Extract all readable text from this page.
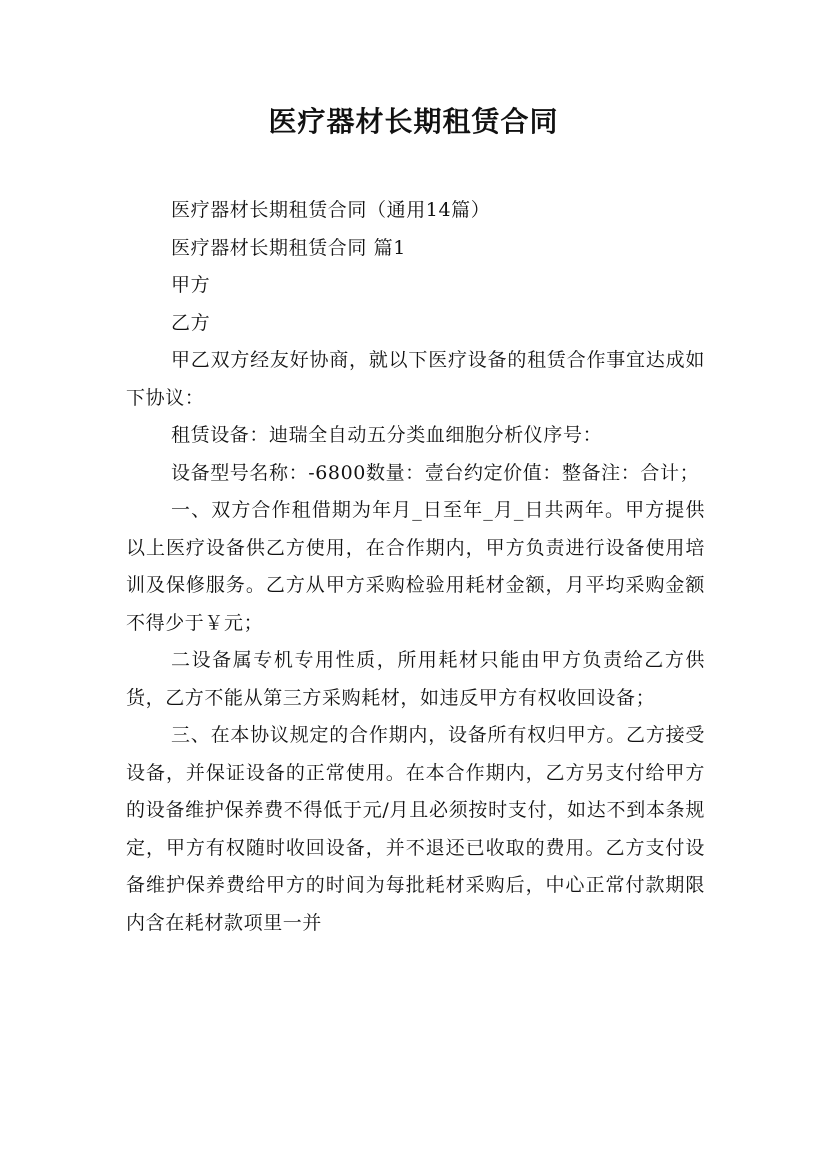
医疗器材长期租赁合同

医疗器材长期租赁合同（通用14篇）

医疗器材长期租赁合同 篇1

甲方

乙方

甲乙双方经友好协商，就以下医疗设备的租赁合作事宜达成如下协议：

租赁设备：迪瑞全自动五分类血细胞分析仪序号：

设备型号名称：-6800数量：壹台约定价值：整备注：合计；

一、双方合作租借期为年月_日至年_月_日共两年。甲方提供以上医疗设备供乙方使用，在合作期内，甲方负责进行设备使用培训及保修服务。乙方从甲方采购检验用耗材金额，月平均采购金额不得少于￥元；

二设备属专机专用性质，所用耗材只能由甲方负责给乙方供货，乙方不能从第三方采购耗材，如违反甲方有权收回设备；

三、在本协议规定的合作期内，设备所有权归甲方。乙方接受设备，并保证设备的正常使用。在本合作期内，乙方另支付给甲方的设备维护保养费不得低于元/月且必须按时支付，如达不到本条规定，甲方有权随时收回设备，并不退还已收取的费用。乙方支付设备维护保养费给甲方的时间为每批耗材采购后，中心正常付款期限内含在耗材款项里一并
